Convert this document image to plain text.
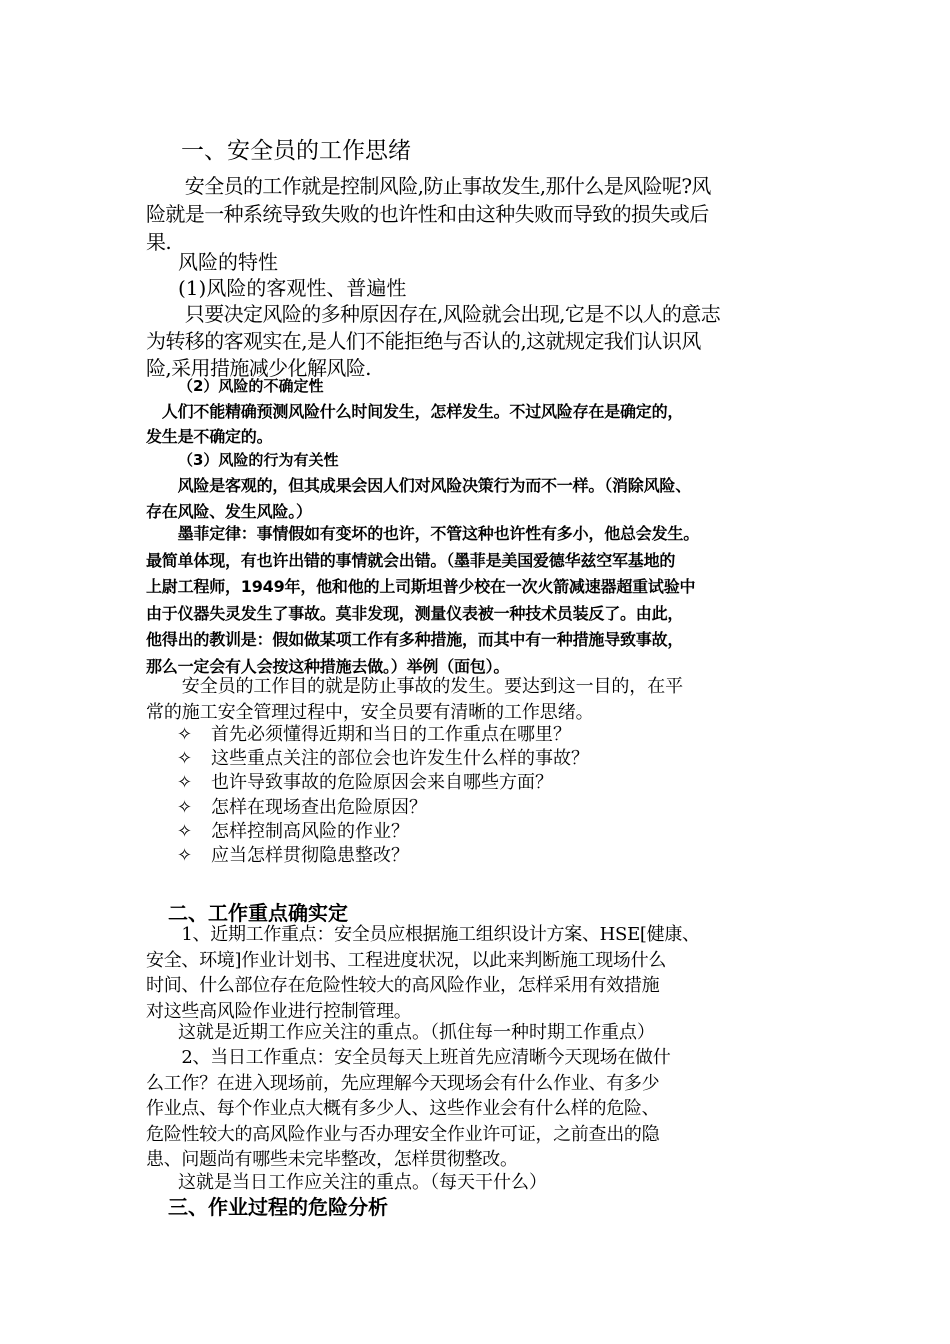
一、安全员的工作思绪
　　安全员的工作就是控制风险,防止事故发生,那什么是风险呢?风
险就是一种系统导致失败的也许性和由这种失败而导致的损失或后
果.
风险的特性
(1)风险的客观性、普遍性
　　只要决定风险的多种原因存在,风险就会出现,它是不以人的意志
为转移的客观实在,是人们不能拒绝与否认的,这就规定我们认识风
险,采用措施减少化解风险.
（2）风险的不确定性
　人们不能精确预测风险什么时间发生，怎样发生。不过风险存在是确定的，
发生是不确定的。
（3）风险的行为有关性
　　风险是客观的，但其成果会因人们对风险决策行为而不一样。（消除风险、
存在风险、发生风险。）
　　墨菲定律：事情假如有变坏的也许，不管这种也许性有多小，他总会发生。
最简单体现，有也许出错的事情就会出错。（墨菲是美国爱德华兹空军基地的
上尉工程师，1949年，他和他的上司斯坦普少校在一次火箭减速器超重试验中
由于仪器失灵发生了事故。莫非发现，测量仪表被一种技术员装反了。由此，
他得出的教训是：假如做某项工作有多种措施，而其中有一种措施导致事故，
那么一定会有人会按这种措施去做。）举例（面包）。
　　安全员的工作目的就是防止事故的发生。要达到这一目的，在平
常的施工安全管理过程中，安全员要有清晰的工作思绪。
✧ 首先必须懂得近期和当日的工作重点在哪里？
✧ 这些重点关注的部位会也许发生什么样的事故？
✧ 也许导致事故的危险原因会来自哪些方面？
✧ 怎样在现场查出危险原因？
✧ 怎样控制高风险的作业？
✧ 应当怎样贯彻隐患整改？
二、工作重点确实定
　　1、近期工作重点：安全员应根据施工组织设计方案、HSE[健康、
安全、环境]作业计划书、工程进度状况，以此来判断施工现场什么
时间、什么部位存在危险性较大的高风险作业，怎样采用有效措施
对这些高风险作业进行控制管理。
这就是近期工作应关注的重点。（抓住每一种时期工作重点）
　　2、当日工作重点：安全员每天上班首先应清晰今天现场在做什
么工作？在进入现场前，先应理解今天现场会有什么作业、有多少
作业点、每个作业点大概有多少人、这些作业会有什么样的危险、
危险性较大的高风险作业与否办理安全作业许可证，之前查出的隐
患、问题尚有哪些未完毕整改，怎样贯彻整改。
这就是当日工作应关注的重点。（每天干什么）
三、作业过程的危险分析
